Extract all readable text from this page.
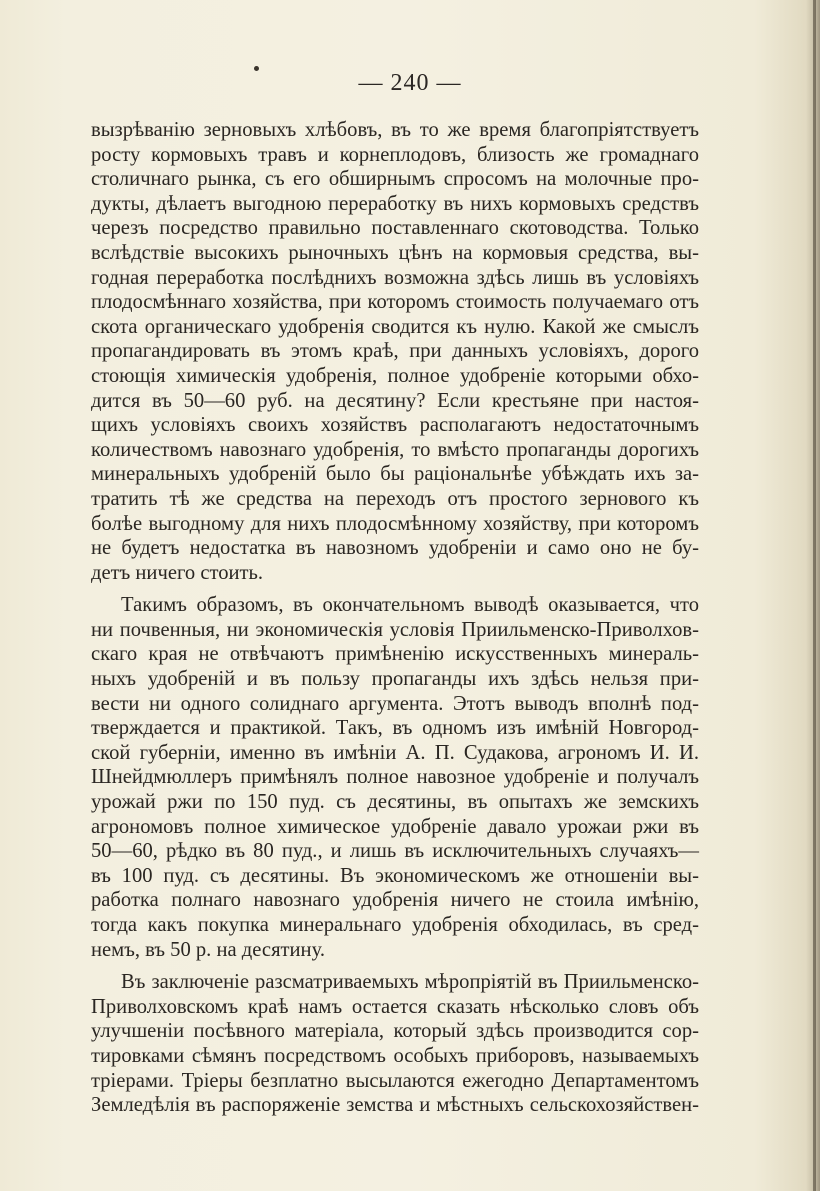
— 240 —
вызрѣванію зерновыхъ хлѣбовъ, въ то же время благопріятствуетъ
росту кормовыхъ травъ и корнеплодовъ, близость же громаднаго
столичнаго рынка, съ его обширнымъ спросомъ на молочные про-
дукты, дѣлаетъ выгодною переработку въ нихъ кормовыхъ средствъ
черезъ посредство правильно поставленнаго скотоводства. Только
вслѣдствіе высокихъ рыночныхъ цѣнъ на кормовыя средства, вы-
годная переработка послѣднихъ возможна здѣсь лишь въ условіяхъ
плодосмѣннаго хозяйства, при которомъ стоимость получаемаго отъ
скота органическаго удобренія сводится къ нулю. Какой же смыслъ
пропагандировать въ этомъ краѣ, при данныхъ условіяхъ, дорого
стоющія химическія удобренія, полное удобреніе которыми обхо-
дится въ 50—60 руб. на десятину? Если крестьяне при настоя-
щихъ условіяхъ своихъ хозяйствъ располагаютъ недостаточнымъ
количествомъ навознаго удобренія, то вмѣсто пропаганды дорогихъ
минеральныхъ удобреній было бы раціональнѣе убѣждать ихъ за-
тратить тѣ же средства на переходъ отъ простого зернового къ
болѣе выгодному для нихъ плодосмѣнному хозяйству, при которомъ
не будетъ недостатка въ навозномъ удобреніи и само оно не бу-
детъ ничего стоить.
Такимъ образомъ, въ окончательномъ выводѣ оказывается, что
ни почвенныя, ни экономическія условія Приильменско-Приволхов-
скаго края не отвѣчаютъ примѣненію искусственныхъ минераль-
ныхъ удобреній и въ пользу пропаганды ихъ здѣсь нельзя при-
вести ни одного солиднаго аргумента. Этотъ выводъ вполнѣ под-
тверждается и практикой. Такъ, въ одномъ изъ имѣній Новгород-
ской губерніи, именно въ имѣніи А. П. Судакова, агрономъ И. И.
Шнейдмюллеръ примѣнялъ полное навозное удобреніе и получалъ
урожай ржи по 150 пуд. съ десятины, въ опытахъ же земскихъ
агрономовъ полное химическое удобреніе давало урожаи ржи въ
50—60, рѣдко въ 80 пуд., и лишь въ исключительныхъ случаяхъ—
въ 100 пуд. съ десятины. Въ экономическомъ же отношеніи вы-
работка полнаго навознаго удобренія ничего не стоила имѣнію,
тогда какъ покупка минеральнаго удобренія обходилась, въ сред-
немъ, въ 50 р. на десятину.
Въ заключеніе разсматриваемыхъ мѣропріятій въ Приильменско-
Приволховскомъ краѣ намъ остается сказать нѣсколько словъ объ
улучшеніи посѣвного матеріала, который здѣсь производится сор-
тировками сѣмянъ посредствомъ особыхъ приборовъ, называемыхъ
тріерами. Тріеры безплатно высылаются ежегодно Департаментомъ
Земледѣлія въ распоряженіе земства и мѣстныхъ сельскохозяйствен-
